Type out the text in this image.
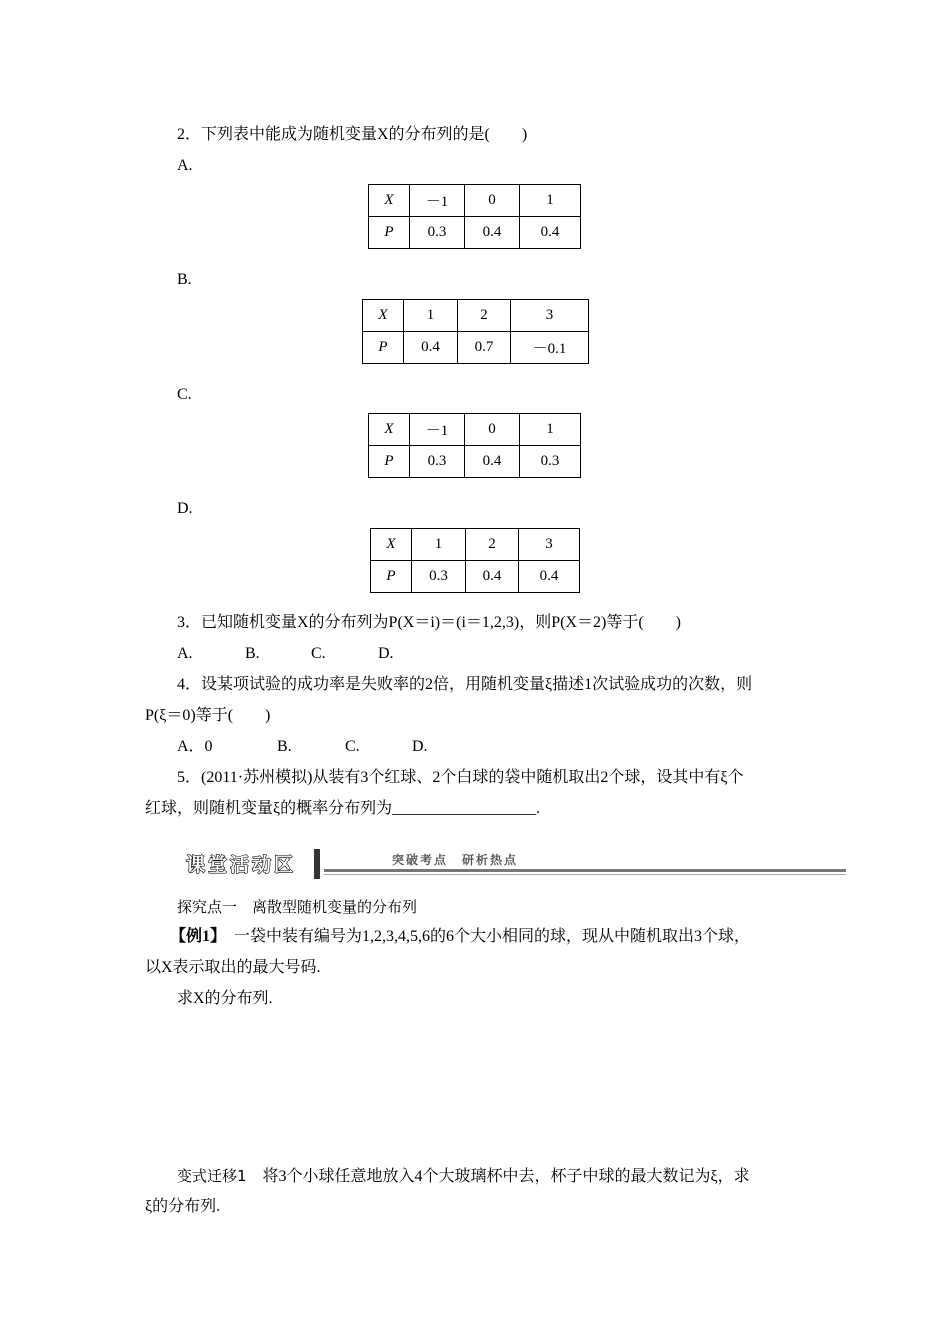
2．下列表中能成为随机变量X的分布列的是(　　)
A.
X	－1	0	1
P	0.3	0.4	0.4
B.
X	1	2	3
P	0.4	0.7	－0.1
C.
X	－1	0	1
P	0.3	0.4	0.3
D.
X	1	2	3
P	0.3	0.4	0.4
3．已知随机变量X的分布列为P(X＝i)＝(i＝1,2,3)，则P(X＝2)等于(　　)
A.	B.	C.	D.
4．设某项试验的成功率是失败率的2倍，用随机变量ξ描述1次试验成功的次数，则
P(ξ＝0)等于(　　)
A．0	B.	C.	D.
5．(2011·苏州模拟)从装有3个红球、2个白球的袋中随机取出2个球，设其中有ξ个
红球，则随机变量ξ的概率分布列为__________________.
课堂活动区	突破考点　研析热点
探究点一　离散型随机变量的分布列
【例1】　一袋中装有编号为1,2,3,4,5,6的6个大小相同的球，现从中随机取出3个球，
以X表示取出的最大号码.
求X的分布列.
变式迁移1　将3个小球任意地放入4个大玻璃杯中去，杯子中球的最大数记为ξ，求
ξ的分布列.
